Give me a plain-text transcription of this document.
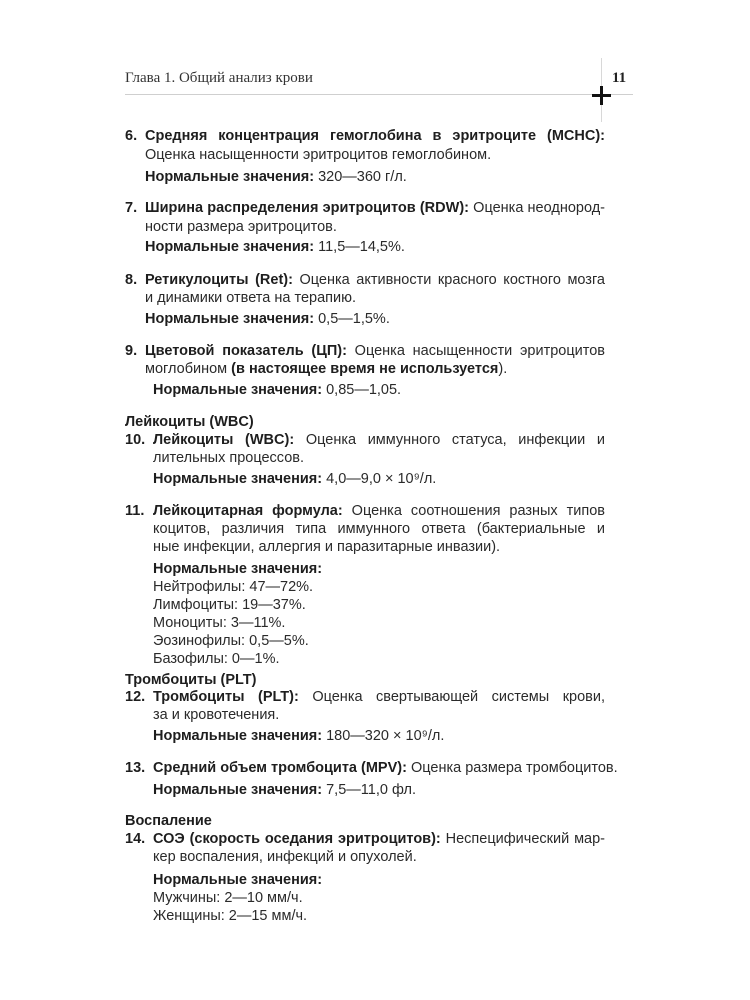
Глава 1. Общий анализ крови	11
6. Средняя концентрация гемоглобина в эритроците (MCHC):
Оценка насыщенности эритроцитов гемоглобином.
Нормальные значения: 320—360 г/л.
7. Ширина распределения эритроцитов (RDW): Оценка неоднород-
ности размера эритроцитов.
Нормальные значения: 11,5—14,5%.
8. Ретикулоциты (Ret): Оценка активности красного костного мозга
и динамики ответа на терапию.
Нормальные значения: 0,5—1,5%.
9. Цветовой показатель (ЦП): Оценка насыщенности эритроцитов
моглобином (в настоящее время не используется).
Нормальные значения: 0,85—1,05.
Лейкоциты (WBC)
10. Лейкоциты (WBC): Оценка иммунного статуса, инфекции и
лительных процессов.
Нормальные значения: 4,0—9,0 × 10⁹/л.
11. Лейкоцитарная формула: Оценка соотношения разных типов
коцитов, различия типа иммунного ответа (бактериальные и
ные инфекции, аллергия и паразитарные инвазии).
Нормальные значения:
Нейтрофилы: 47—72%.
Лимфоциты: 19—37%.
Моноциты: 3—11%.
Эозинофилы: 0,5—5%.
Базофилы: 0—1%.
Тромбоциты (PLT)
12. Тромбоциты (PLT): Оценка свертывающей системы крови,
за и кровотечения.
Нормальные значения: 180—320 × 10⁹/л.
13. Средний объем тромбоцита (MPV): Оценка размера тромбоцитов.
Нормальные значения: 7,5—11,0 фл.
Воспаление
14. СОЭ (скорость оседания эритроцитов): Неспецифический мар-
кер воспаления, инфекций и опухолей.
Нормальные значения:
Мужчины: 2—10 мм/ч.
Женщины: 2—15 мм/ч.
